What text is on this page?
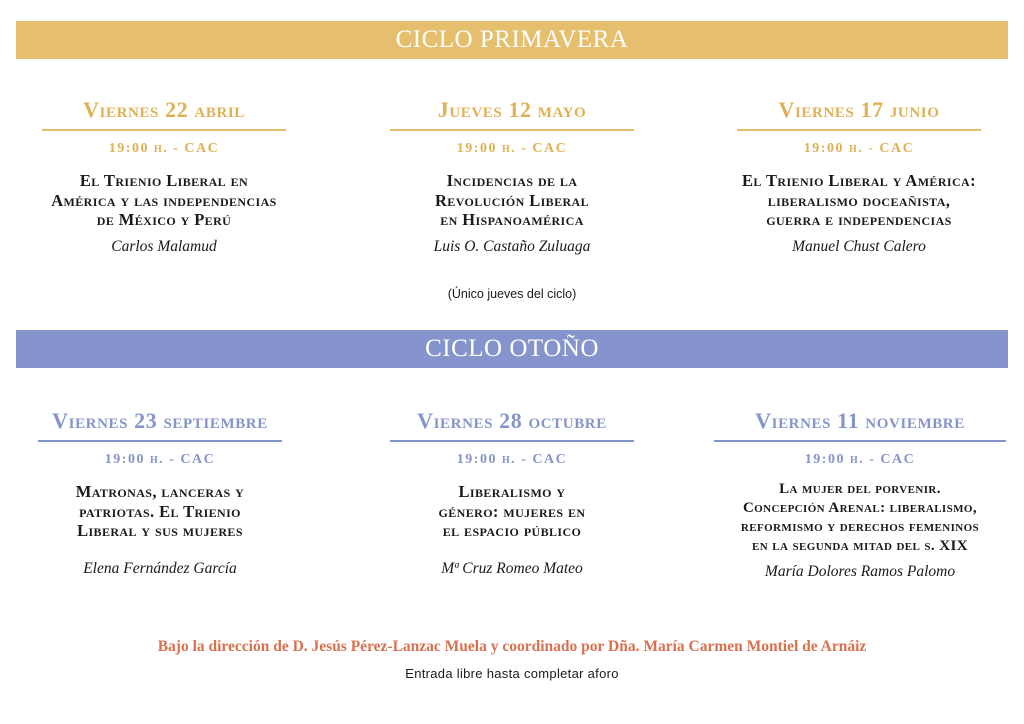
CICLO PRIMAVERA
Viernes 22 abril
19:00 h. - CAC
El Trienio Liberal en
América y las independencias
de México y Perú
Carlos Malamud
Jueves 12 mayo
19:00 h. - CAC
Incidencias de la
Revolución Liberal
en Hispanoamérica
Luis O. Castaño Zuluaga
Viernes 17 junio
19:00 h. - CAC
El Trienio Liberal y América:
liberalismo doceañista,
guerra e independencias
Manuel Chust Calero
(Único jueves del ciclo)
CICLO OTOÑO
Viernes 23 septiembre
19:00 h. - CAC
Matronas, lanceras y
patriotas. El Trienio
Liberal y sus mujeres
Elena Fernández García
Viernes 28 octubre
19:00 h. - CAC
Liberalismo y
género: mujeres en
el espacio público
Mª Cruz Romeo Mateo
Viernes 11 noviembre
19:00 h. - CAC
La mujer del porvenir.
Concepción Arenal: liberalismo,
reformismo y derechos femeninos
en la segunda mitad del s. XIX
María Dolores Ramos Palomo
Bajo la dirección de D. Jesús Pérez-Lanzac Muela y coordinado por Dña. María Carmen Montiel de Arnáiz
Entrada libre hasta completar aforo
